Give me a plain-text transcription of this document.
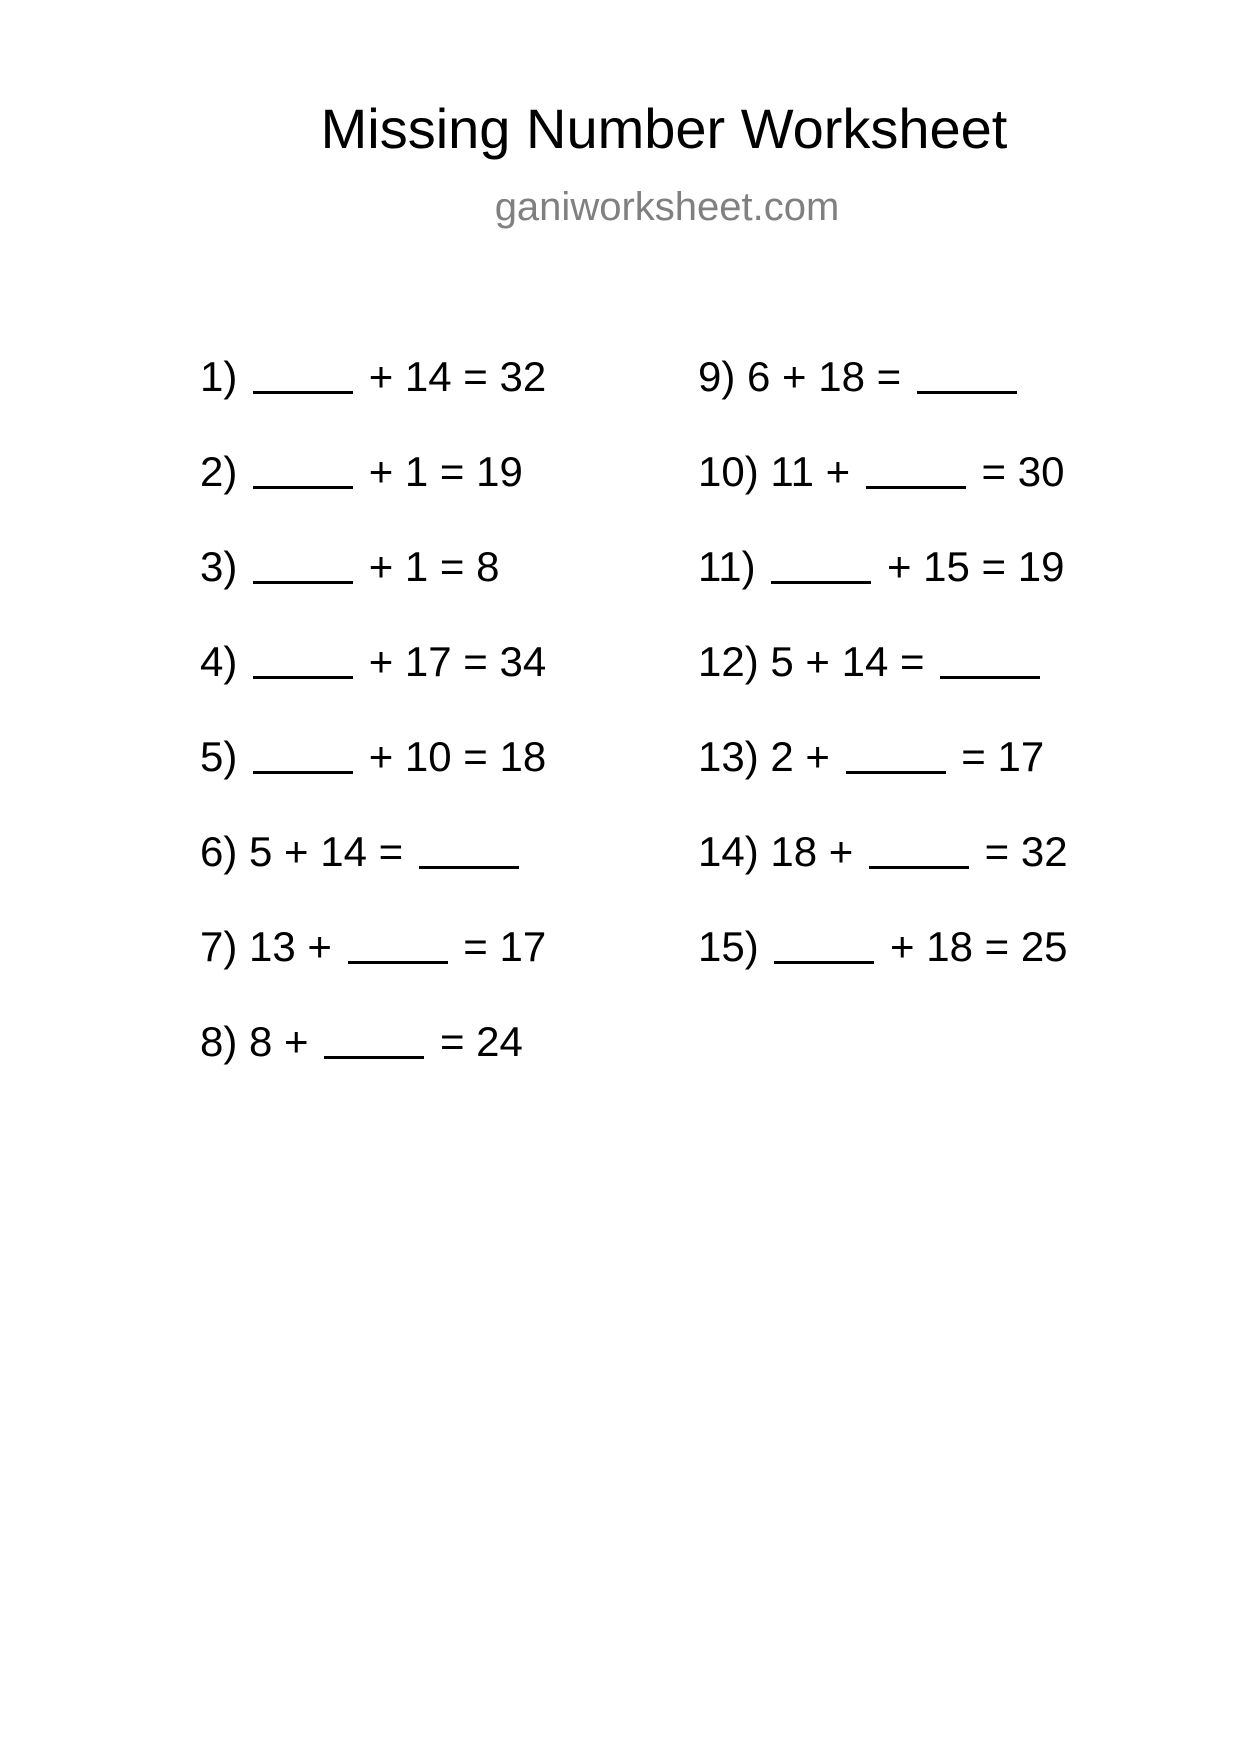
Missing Number Worksheet
ganiworksheet.com
1)	+ 14 = 32
2)	+ 1 = 19
3)	+ 1 = 8
4)	+ 17 = 34
5)	+ 10 = 18
6) 5 + 14 =
7) 13 +	= 17
8) 8 +	= 24
9) 6 + 18 =
10) 11 +	= 30
11)	+ 15 = 19
12) 5 + 14 =
13) 2 +	= 17
14) 18 +	= 32
15)	+ 18 = 25
